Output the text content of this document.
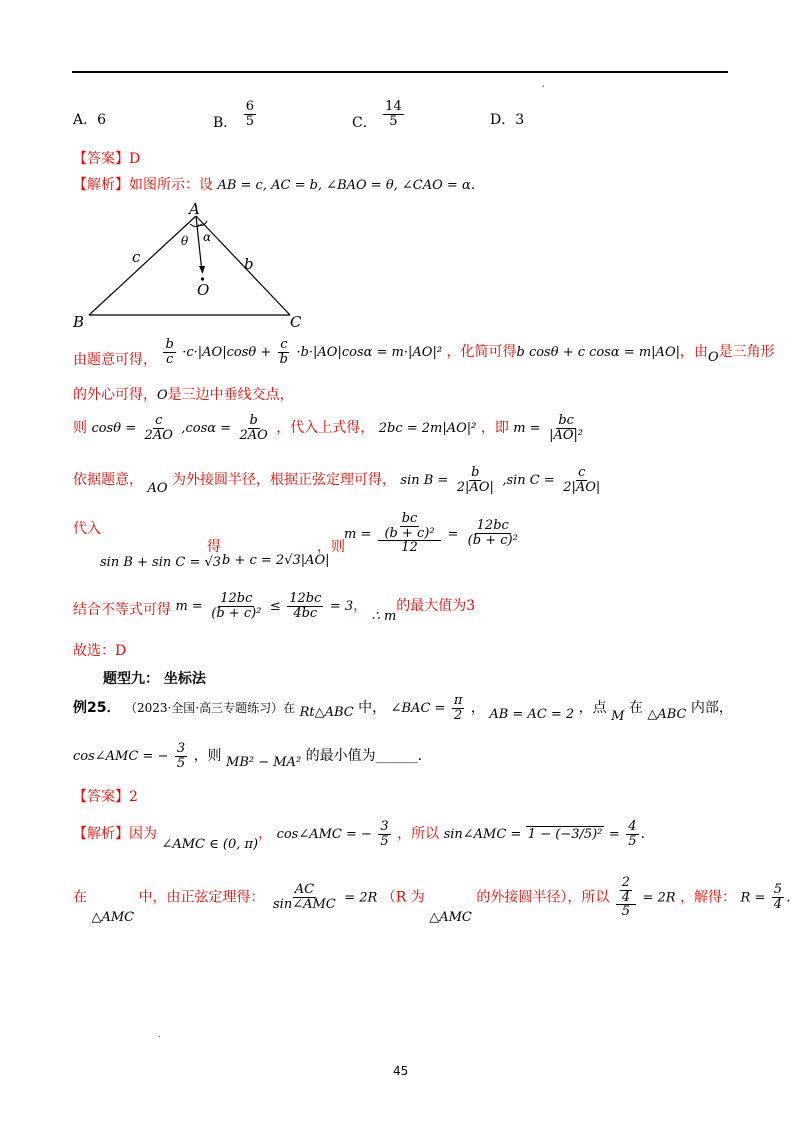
'
A．6	B． $\frac{6}{5}$	C． $\frac{14}{5}$	D．3
【答案】D
【解析】如图所示：设 AB = c, AC = b, ∠BAO = θ, ∠CAO = α.
A
B	C
O
c	b
θ α
由题意可得， $\frac{b}{c} \cdot c\cdot|AO|\cos\theta + \frac{c}{b} \cdot b\cdot|AO|\cos\alpha = m\cdot|AO|^2$ ，化简可得b cosθ + c cosα = m|AO|，由O是三角形
的外心可得，O是三边中垂线交点，
则 $\cos\theta = \frac{c}{2AO} ,\cos\alpha = \frac{b}{2AO}$ ，代入上式得， 2bc = 2m|AO|² ，即 $m = \frac{bc}{\text{|AO|²}}$
依据题意， AO 为外接圆半径，根据正弦定理可得， $\sin B = \frac{b}{2|AO|} ,\sin$ $C = \frac{c}{2|AO|}$
代入
sin B + sin C = √3
得
b + c = 2√3|AO|
，则
$m = \frac{\frac{bc}{\text{(b + c)²}}}{12} = \frac{12bc}{\text{(b + c)²}}$
结合不等式可得 $m = \frac{12bc}{\text{(b + c)²}} \le \frac{12bc}{4bc} = 3$， ∴ m的最大值为3
故选：D
题型九： 坐标法
例25． （2023·全国·高三专题练习）在 Rt△ABC 中， ∠BAC = $\frac{\pi}{2}$ ， AB = AC = 2 ，点 M 在 △ABC 内部，
cos∠AMC = − $\frac{3}{5}$ ，则 MB² − MA² 的最小值为______.
【答案】2
【解析】因为 ∠AMC ∈ (0, π)， cos∠AMC = − $\frac{3}{5}$ ，所以 sin∠AMC = $1 - (-3/5)^2 = \frac{4}{5}$ .
在 △AMC 中，由正弦定理得： $\frac{AC}{\text{sin∠AMC}} = 2R$ （R 为 △AMC 的外接圆半径），所以 $\frac{\frac{2}{4}}{5} = 2R$ ，解得： $R = \frac{5}{4}$ .
.
45
